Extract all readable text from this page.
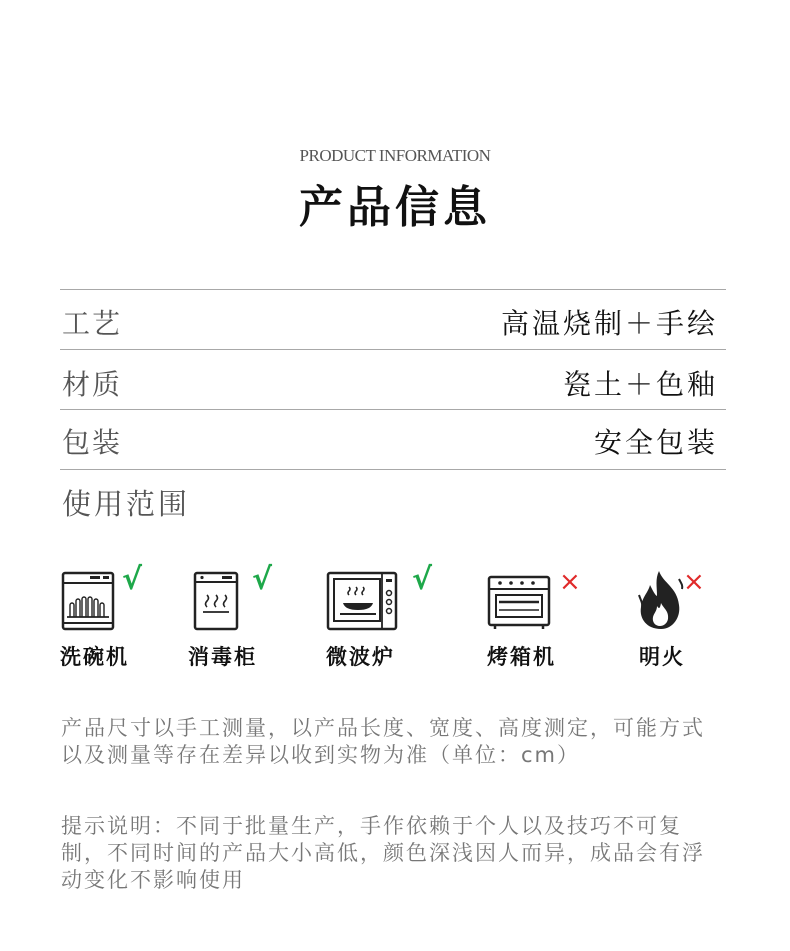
PRODUCT INFORMATION
产品信息
工艺	高温烧制＋手绘
材质	瓷土＋色釉
包装	安全包装
使用范围
√
洗碗机
√
消毒柜
√
微波炉
×
烤箱机
×
明火
产品尺寸以手工测量，以产品长度、宽度、高度测定，可能方式以及测量等存在差异以收到实物为准（单位：cm）
提示说明：不同于批量生产，手作依赖于个人以及技巧不可复制，不同时间的产品大小高低，颜色深浅因人而异，成品会有浮动变化不影响使用
